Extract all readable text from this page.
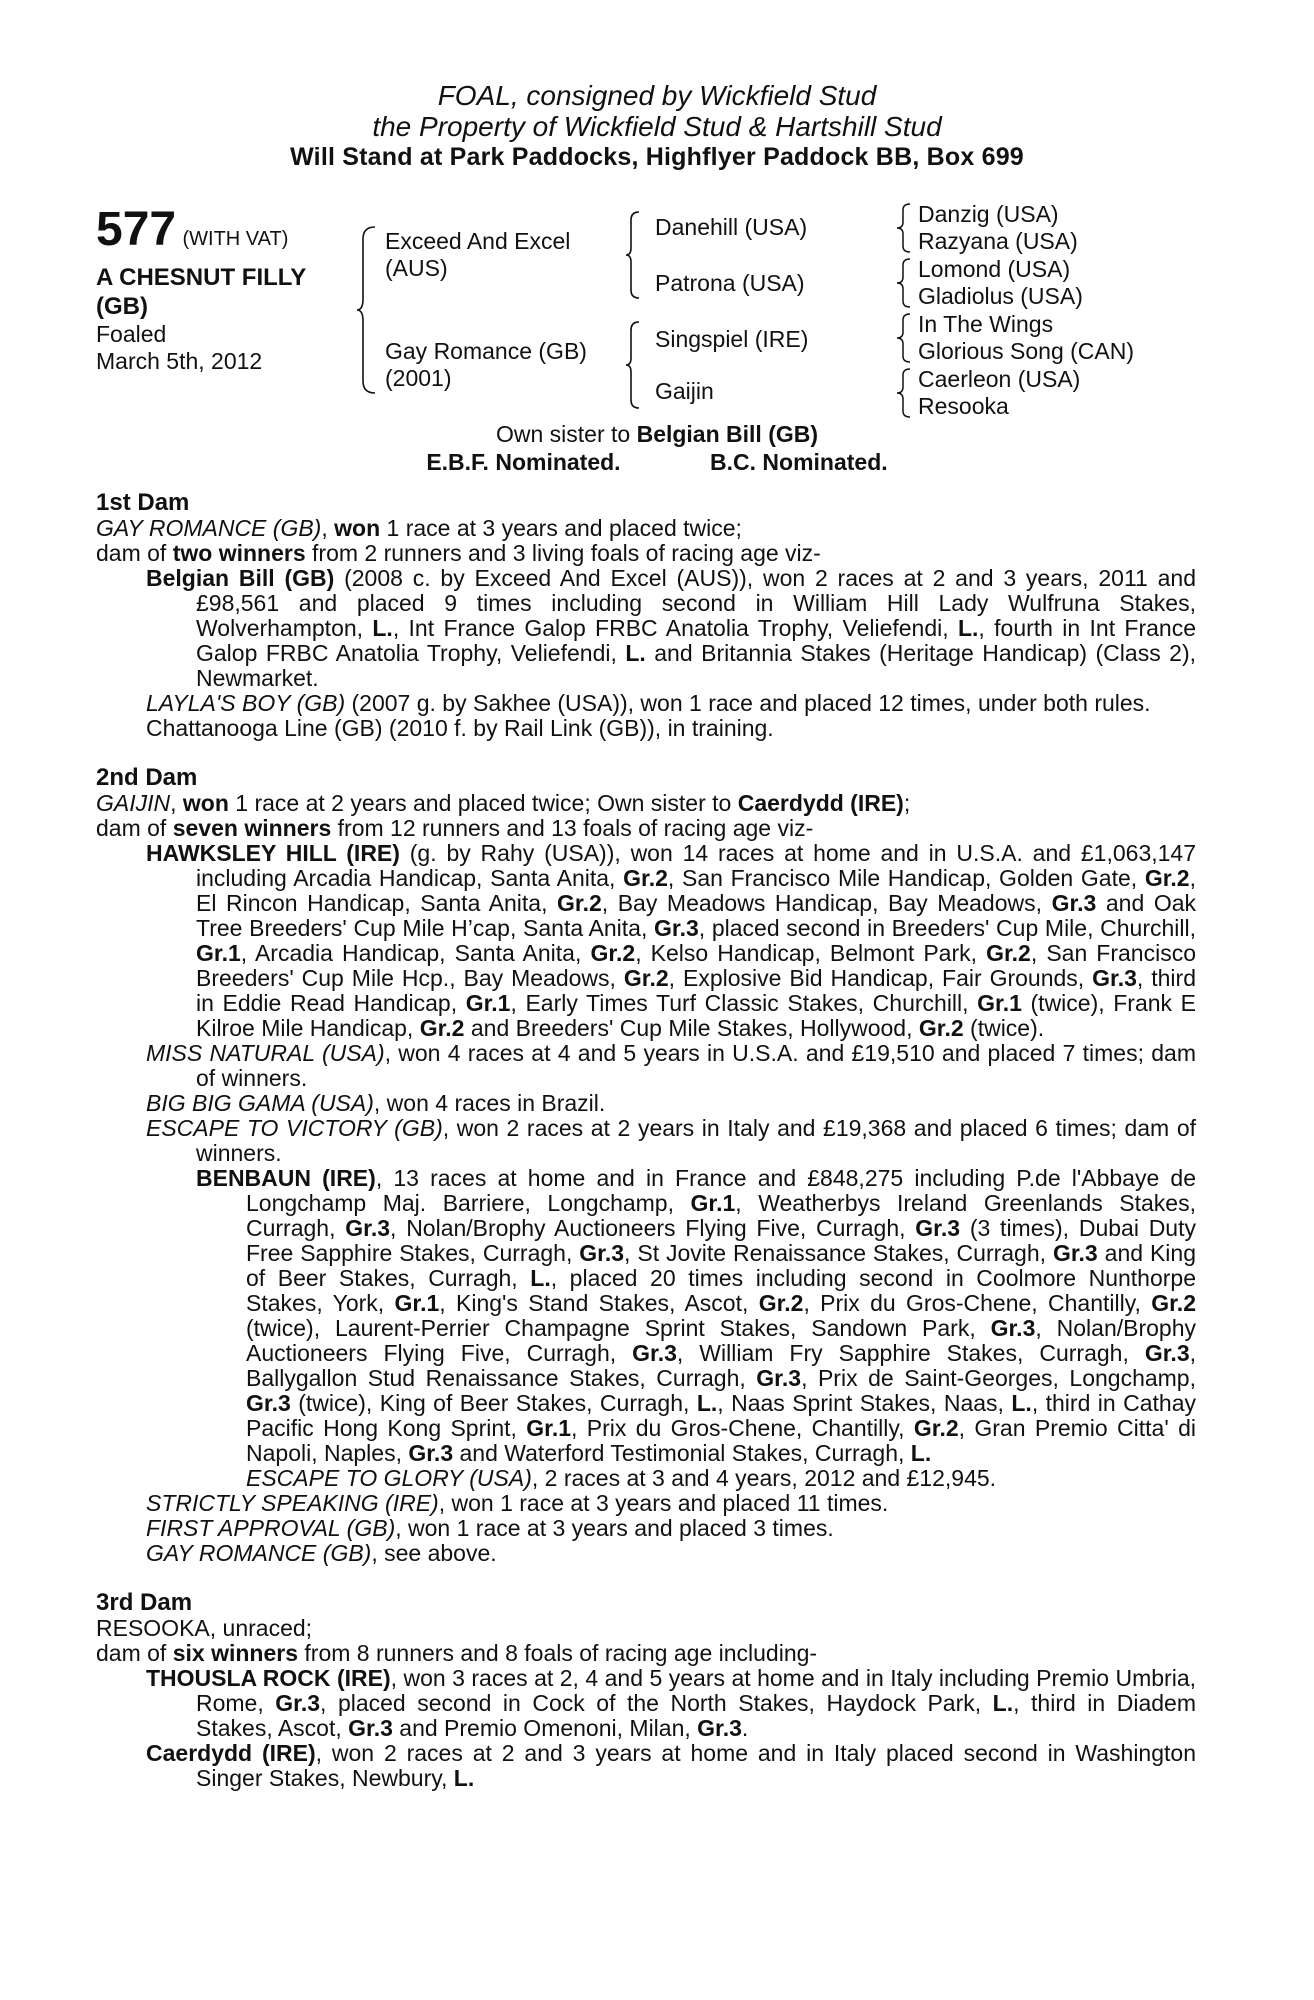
FOAL, consigned by Wickfield Stud
the Property of Wickfield Stud & Hartshill Stud
Will Stand at Park Paddocks, Highflyer Paddock BB, Box 699
577 (WITH VAT)
A CHESNUT FILLY
(GB)
Foaled
March 5th, 2012
Exceed And Excel
(AUS)
Gay Romance (GB)
(2001)
Danehill (USA)
Patrona (USA)
Singspiel (IRE)
Gaijin
Danzig (USA)
Razyana (USA)
Lomond (USA)
Gladiolus (USA)
In The Wings
Glorious Song (CAN)
Caerleon (USA)
Resooka
Own sister to Belgian Bill (GB)
E.B.F. Nominated.	B.C. Nominated.

1st Dam

GAY ROMANCE (GB), won 1 race at 3 years and placed twice;

dam of two winners from 2 runners and 3 living foals of racing age viz-

Belgian Bill (GB) (2008 c. by Exceed And Excel (AUS)), won 2 races at 2 and 3 years, 2011 and £98,561 and placed 9 times including second in William Hill Lady Wulfruna Stakes, Wolverhampton, L., Int France Galop FRBC Anatolia Trophy, Veliefendi, L., fourth in Int France Galop FRBC Anatolia Trophy, Veliefendi, L. and Britannia Stakes (Heritage Handicap) (Class 2), Newmarket.

LAYLA'S BOY (GB) (2007 g. by Sakhee (USA)), won 1 race and placed 12 times, under both rules.

Chattanooga Line (GB) (2010 f. by Rail Link (GB)), in training.

2nd Dam

GAIJIN, won 1 race at 2 years and placed twice; Own sister to Caerdydd (IRE);

dam of seven winners from 12 runners and 13 foals of racing age viz-

HAWKSLEY HILL (IRE) (g. by Rahy (USA)), won 14 races at home and in U.S.A. and £1,063,147 including Arcadia Handicap, Santa Anita, Gr.2, San Francisco Mile Handicap, Golden Gate, Gr.2, El Rincon Handicap, Santa Anita, Gr.2, Bay Meadows Handicap, Bay Meadows, Gr.3 and Oak Tree Breeders' Cup Mile H’cap, Santa Anita, Gr.3, placed second in Breeders' Cup Mile, Churchill, Gr.1, Arcadia Handicap, Santa Anita, Gr.2, Kelso Handicap, Belmont Park, Gr.2, San Francisco Breeders' Cup Mile Hcp., Bay Meadows, Gr.2, Explosive Bid Handicap, Fair Grounds, Gr.3, third in Eddie Read Handicap, Gr.1, Early Times Turf Classic Stakes, Churchill, Gr.1 (twice), Frank E Kilroe Mile Handicap, Gr.2 and Breeders' Cup Mile Stakes, Hollywood, Gr.2 (twice).

MISS NATURAL (USA), won 4 races at 4 and 5 years in U.S.A. and £19,510 and placed 7 times; dam of winners.

BIG BIG GAMA (USA), won 4 races in Brazil.

ESCAPE TO VICTORY (GB), won 2 races at 2 years in Italy and £19,368 and placed 6 times; dam of winners.

BENBAUN (IRE), 13 races at home and in France and £848,275 including P.de l'Abbaye de Longchamp Maj. Barriere, Longchamp, Gr.1, Weatherbys Ireland Greenlands Stakes, Curragh, Gr.3, Nolan/Brophy Auctioneers Flying Five, Curragh, Gr.3 (3 times), Dubai Duty Free Sapphire Stakes, Curragh, Gr.3, St Jovite Renaissance Stakes, Curragh, Gr.3 and King of Beer Stakes, Curragh, L., placed 20 times including second in Coolmore Nunthorpe Stakes, York, Gr.1, King's Stand Stakes, Ascot, Gr.2, Prix du Gros-Chene, Chantilly, Gr.2 (twice), Laurent-Perrier Champagne Sprint Stakes, Sandown Park, Gr.3, Nolan/Brophy Auctioneers Flying Five, Curragh, Gr.3, William Fry Sapphire Stakes, Curragh, Gr.3, Ballygallon Stud Renaissance Stakes, Curragh, Gr.3, Prix de Saint-Georges, Longchamp, Gr.3 (twice), King of Beer Stakes, Curragh, L., Naas Sprint Stakes, Naas, L., third in Cathay Pacific Hong Kong Sprint, Gr.1, Prix du Gros-Chene, Chantilly, Gr.2, Gran Premio Citta' di Napoli, Naples, Gr.3 and Waterford Testimonial Stakes, Curragh, L.

ESCAPE TO GLORY (USA), 2 races at 3 and 4 years, 2012 and £12,945.

STRICTLY SPEAKING (IRE), won 1 race at 3 years and placed 11 times.

FIRST APPROVAL (GB), won 1 race at 3 years and placed 3 times.

GAY ROMANCE (GB), see above.

3rd Dam

RESOOKA, unraced;

dam of six winners from 8 runners and 8 foals of racing age including-

THOUSLA ROCK (IRE), won 3 races at 2, 4 and 5 years at home and in Italy including Premio Umbria, Rome, Gr.3, placed second in Cock of the North Stakes, Haydock Park, L., third in Diadem Stakes, Ascot, Gr.3 and Premio Omenoni, Milan, Gr.3.

Caerdydd (IRE), won 2 races at 2 and 3 years at home and in Italy placed second in Washington Singer Stakes, Newbury, L.
